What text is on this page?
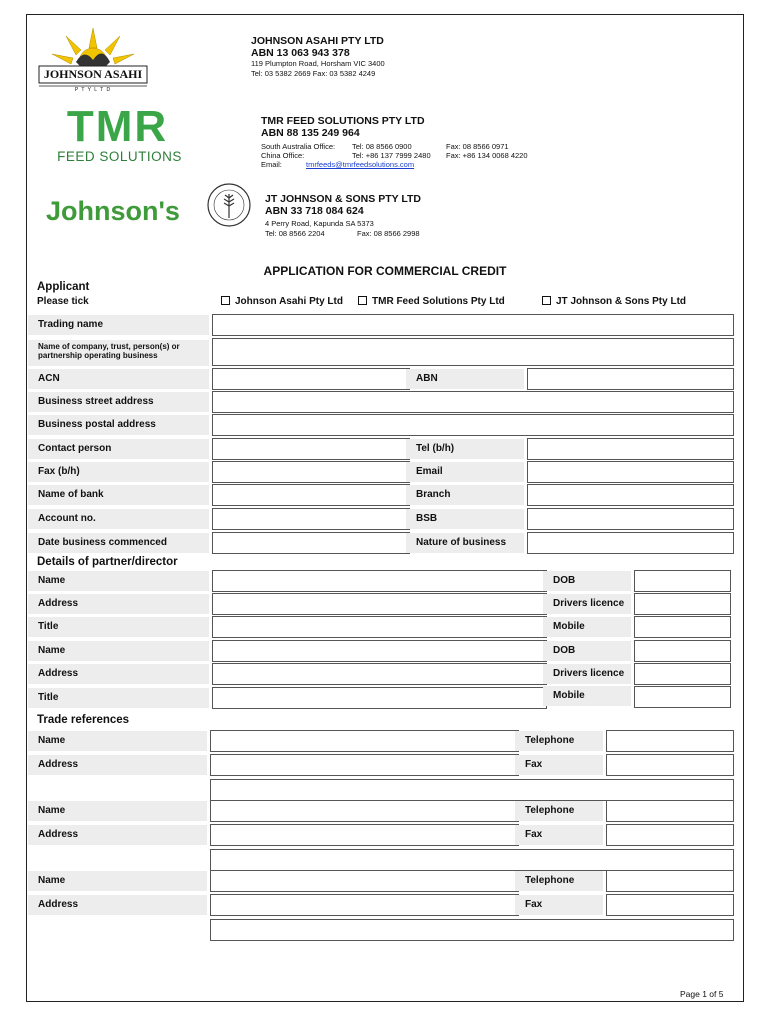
JOHNSON ASAHI
P T Y L T D
JOHNSON ASAHI PTY LTD
ABN 13 063 943 378
119 Plumpton Road, Horsham VIC 3400
Tel: 03 5382 2669 Fax: 03 5382 4249
TMR
FEED SOLUTIONS
TMR FEED SOLUTIONS PTY LTD
ABN 88 135 249 964
South Australia Office: Tel: 08 8566 0900	Fax: 08 8566 0971
China Office:	Tel: +86 137 7999 2480 Fax: +86 134 0068 4220
Email:	tmrfeeds@tmrfeedsolutions.com
Johnson's	JT JOHNSON & SONS PTY LTD
ABN 33 718 084 624
4 Perry Road, Kapunda SA 5373
Tel: 08 8566 2204	Fax: 08 8566 2998
APPLICATION FOR COMMERCIAL CREDIT
Applicant
Please tick	Johnson Asahi Pty Ltd	TMR Feed Solutions Pty Ltd	JT Johnson & Sons Pty Ltd
Trading name
Name of company, trust, person(s) or partnership operating business
ACN	ABN
Business street address
Business postal address
Contact person	Tel (b/h)
Fax (b/h)	Email
Name of bank	Branch
Account no.	BSB
Date business commenced	Nature of business
Details of partner/director
Name	DOB
Address	Drivers licence
Title	Mobile
Name	DOB
Address	Drivers licence
Title	Mobile
Trade references
Name	Telephone
Address	Fax
Name	Telephone
Address	Fax
Name	Telephone
Address	Fax
Page 1 of 5
